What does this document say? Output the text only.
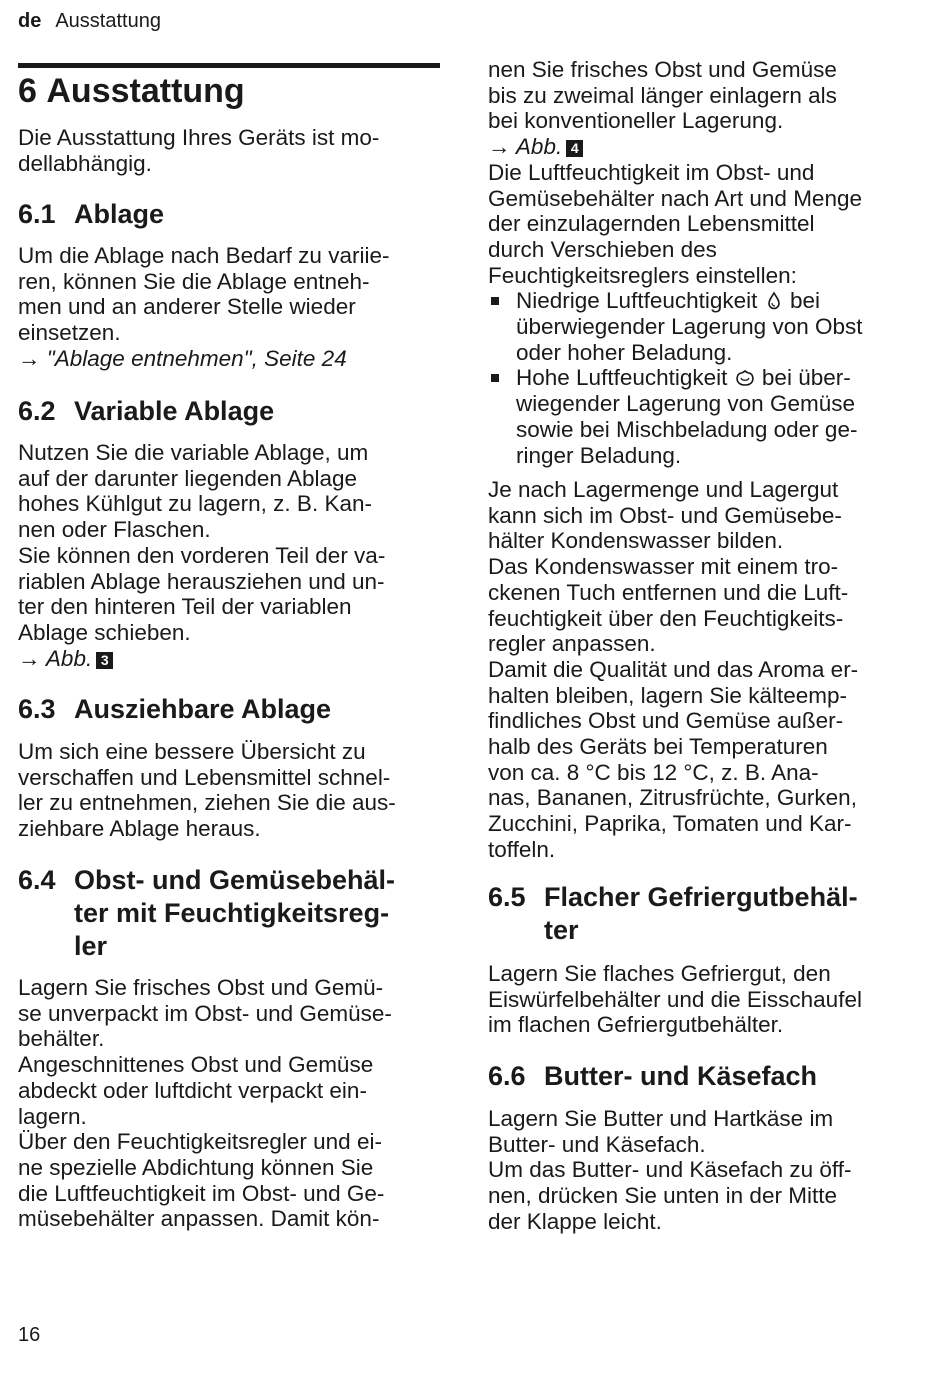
de Ausstattung
6 Ausstattung

Die Ausstattung Ihres Geräts ist mo-

dellabhängig.

6.1 Ablage

Um die Ablage nach Bedarf zu variie-

ren, können Sie die Ablage entneh-

men und an anderer Stelle wieder

einsetzen.

→ "Ablage entnehmen", Seite 24

6.2 Variable Ablage

Nutzen Sie die variable Ablage, um

auf der darunter liegenden Ablage

hohes Kühlgut zu lagern, z. B. Kan-

nen oder Flaschen.

Sie können den vorderen Teil der va-

riablen Ablage herausziehen und un-

ter den hinteren Teil der variablen

Ablage schieben.

→ Abb. 3

6.3 Ausziehbare Ablage

Um sich eine bessere Übersicht zu

verschaffen und Lebensmittel schnel-

ler zu entnehmen, ziehen Sie die aus-

ziehbare Ablage heraus.

6.4 Obst- und Gemüsebehäl-
ter mit Feuchtigkeitsreg-
ler

Lagern Sie frisches Obst und Gemü-

se unverpackt im Obst- und Gemüse-

behälter.

Angeschnittenes Obst und Gemüse

abdeckt oder luftdicht verpackt ein-

lagern.

Über den Feuchtigkeitsregler und ei-

ne spezielle Abdichtung können Sie

die Luftfeuchtigkeit im Obst- und Ge-

müsebehälter anpassen. Damit kön-

nen Sie frisches Obst und Gemüse

bis zu zweimal länger einlagern als

bei konventioneller Lagerung.

→ Abb. 4

Die Luftfeuchtigkeit im Obst- und

Gemüsebehälter nach Art und Menge

der einzulagernden Lebensmittel

durch Verschieben des

Feuchtigkeitsreglers einstellen:

Niedrige Luftfeuchtigkeit bei

überwiegender Lagerung von Obst

oder hoher Beladung.

Hohe Luftfeuchtigkeit bei über-

wiegender Lagerung von Gemüse

sowie bei Mischbeladung oder ge-

ringer Beladung.

Je nach Lagermenge und Lagergut

kann sich im Obst- und Gemüsebe-

hälter Kondenswasser bilden.

Das Kondenswasser mit einem tro-

ckenen Tuch entfernen und die Luft-

feuchtigkeit über den Feuchtigkeits-

regler anpassen.

Damit die Qualität und das Aroma er-

halten bleiben, lagern Sie kälteemp-

findliches Obst und Gemüse außer-

halb des Geräts bei Temperaturen

von ca. 8 °C bis 12 °C, z. B. Ana-

nas, Bananen, Zitrusfrüchte, Gurken,

Zucchini, Paprika, Tomaten und Kar-

toffeln.

6.5 Flacher Gefriergutbehäl-
ter

Lagern Sie flaches Gefriergut, den

Eiswürfelbehälter und die Eisschaufel

im flachen Gefriergutbehälter.

6.6 Butter- und Käsefach

Lagern Sie Butter und Hartkäse im

Butter- und Käsefach.

Um das Butter- und Käsefach zu öff-

nen, drücken Sie unten in der Mitte

der Klappe leicht.

16
